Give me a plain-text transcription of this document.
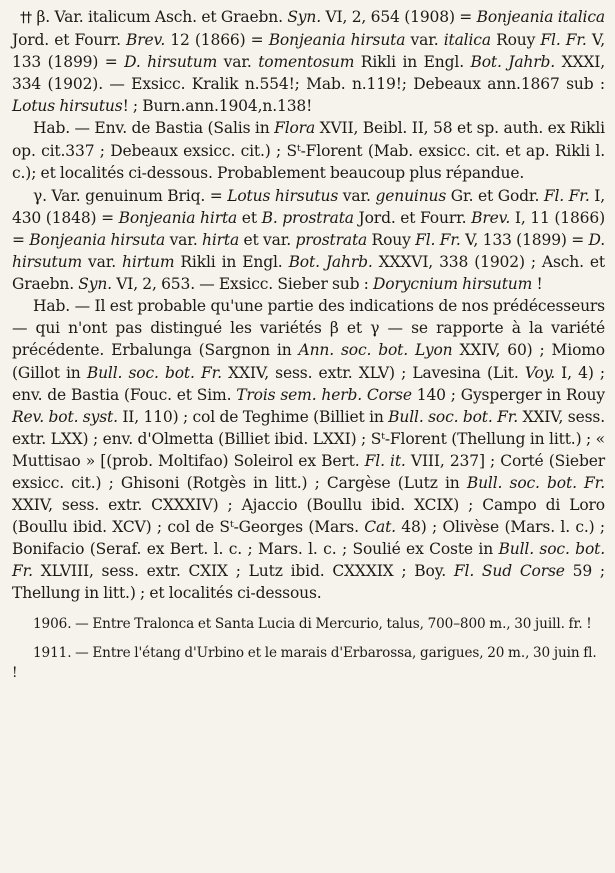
†† β. Var. italicum Asch. et Graebn. Syn. VI, 2, 654 (1908) = Bonjeania italica Jord. et Fourr. Brev. 12 (1866) = Bonjeania hirsuta var. italica Rouy Fl. Fr. V, 133 (1899) = D. hirsutum var. tomentosum Rikli in Engl. Bot. Jahrb. XXXI, 334 (1902). — Exsicc. Kralik n.554!; Mab. n.119!; Debeaux ann.1867 sub : Lotus hirsutus! ; Burn.ann.1904,n.138!

Hab. — Env. de Bastia (Salis in Flora XVII, Beibl. II, 58 et sp. auth. ex Rikli op. cit.337 ; Debeaux exsicc. cit.) ; Sᵗ-Florent (Mab. exsicc. cit. et ap. Rikli l. c.); et localités ci-dessous. Probablement beaucoup plus répandue.

γ. Var. genuinum Briq. = Lotus hirsutus var. genuinus Gr. et Godr. Fl. Fr. I, 430 (1848) = Bonjeania hirta et B. prostrata Jord. et Fourr. Brev. I, 11 (1866) = Bonjeania hirsuta var. hirta et var. prostrata Rouy Fl. Fr. V, 133 (1899) = D. hirsutum var. hirtum Rikli in Engl. Bot. Jahrb. XXXVI, 338 (1902) ; Asch. et Graebn. Syn. VI, 2, 653. — Exsicc. Sieber sub : Dorycnium hirsutum !

Hab. — Il est probable qu'une partie des indications de nos prédécesseurs — qui n'ont pas distingué les variétés β et γ — se rapporte à la variété précédente. Erbalunga (Sargnon in Ann. soc. bot. Lyon XXIV, 60) ; Miomo (Gillot in Bull. soc. bot. Fr. XXIV, sess. extr. XLV) ; Lavesina (Lit. Voy. I, 4) ; env. de Bastia (Fouc. et Sim. Trois sem. herb. Corse 140 ; Gysperger in Rouy Rev. bot. syst. II, 110) ; col de Teghime (Billiet in Bull. soc. bot. Fr. XXIV, sess. extr. LXX) ; env. d'Olmetta (Billiet ibid. LXXI) ; Sᵗ-Florent (Thellung in litt.) ; « Muttisao » [(prob. Moltifao) Soleirol ex Bert. Fl. it. VIII, 237] ; Corté (Sieber exsicc. cit.) ; Ghisoni (Rotgès in litt.) ; Cargèse (Lutz in Bull. soc. bot. Fr. XXIV, sess. extr. CXXXIV) ; Ajaccio (Boullu ibid. XCIX) ; Campo di Loro (Boullu ibid. XCV) ; col de Sᵗ-Georges (Mars. Cat. 48) ; Olivèse (Mars. l. c.) ; Bonifacio (Seraf. ex Bert. l. c. ; Mars. l. c. ; Soulié ex Coste in Bull. soc. bot. Fr. XLVIII, sess. extr. CXIX ; Lutz ibid. CXXXIX ; Boy. Fl. Sud Corse 59 ; Thellung in litt.) ; et localités ci-dessous.

1906. — Entre Tralonca et Santa Lucia di Mercurio, talus, 700–800 m., 30 juill. fr. !

1911. — Entre l'étang d'Urbino et le marais d'Erbarossa, garigues, 20 m., 30 juin fl. !
